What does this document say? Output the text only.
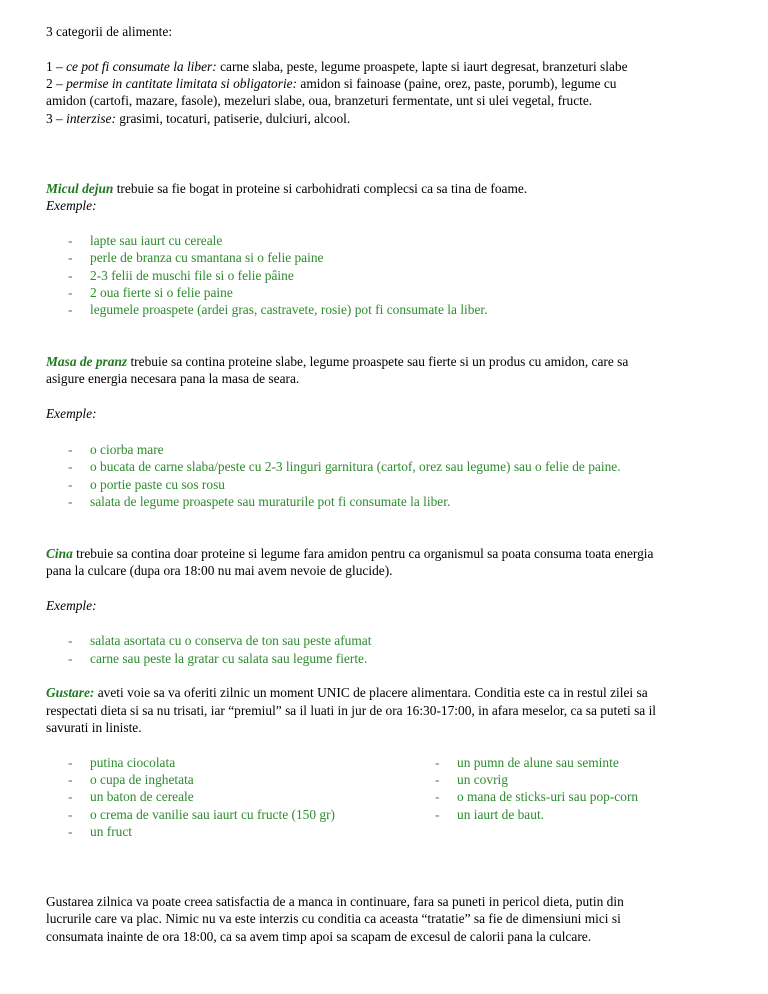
3 categorii de alimente:
1 – ce pot fi consumate la liber: carne slaba, peste, legume proaspete, lapte si iaurt degresat, branzeturi slabe
2 – permise in cantitate limitata si obligatorie: amidon si fainoase (paine, orez, paste, porumb), legume cu
amidon (cartofi, mazare, fasole), mezeluri slabe, oua, branzeturi fermentate, unt si ulei vegetal, fructe.
3 – interzise: grasimi, tocaturi, patiserie, dulciuri, alcool.
Micul dejun trebuie sa fie bogat in proteine si carbohidrati complecsi ca sa tina de foame.
Exemple:
- lapte sau iaurt cu cereale
- perle de branza cu smantana si o felie paine
- 2-3 felii de muschi file si o felie pâine
- 2 oua fierte si o felie paine
- legumele proaspete (ardei gras, castravete, rosie) pot fi consumate la liber.
Masa de pranz trebuie sa contina proteine slabe, legume proaspete sau fierte si un produs cu amidon, care sa
asigure energia necesara pana la masa de seara.
Exemple:
- o ciorba mare
- o bucata de carne slaba/peste cu 2-3 linguri garnitura (cartof, orez sau legume) sau o felie de paine.
- o portie paste cu sos rosu
- salata de legume proaspete sau muraturile pot fi consumate la liber.
Cina trebuie sa contina doar proteine si legume fara amidon pentru ca organismul sa poata consuma toata energia
pana la culcare (dupa ora 18:00 nu mai avem nevoie de glucide).
Exemple:
- salata asortata cu o conserva de ton sau peste afumat
- carne sau peste la gratar cu salata sau legume fierte.
Gustare: aveti voie sa va oferiti zilnic un moment UNIC de placere alimentara. Conditia este ca in restul zilei sa
respectati dieta si sa nu trisati, iar “premiul” sa il luati in jur de ora 16:30-17:00, in afara meselor, ca sa puteti sa il
savurati in liniste.
- putina ciocolata
- o cupa de inghetata
- un baton de cereale
- o crema de vanilie sau iaurt cu fructe (150 gr)
- un fruct
- un pumn de alune sau seminte
- un covrig
- o mana de sticks-uri sau pop-corn
- un iaurt de baut.
Gustarea zilnica va poate creea satisfactia de a manca in continuare, fara sa puneti in pericol dieta, putin din
lucrurile care va plac. Nimic nu va este interzis cu conditia ca aceasta “tratatie” sa fie de dimensiuni mici si
consumata inainte de ora 18:00, ca sa avem timp apoi sa scapam de excesul de calorii pana la culcare.
